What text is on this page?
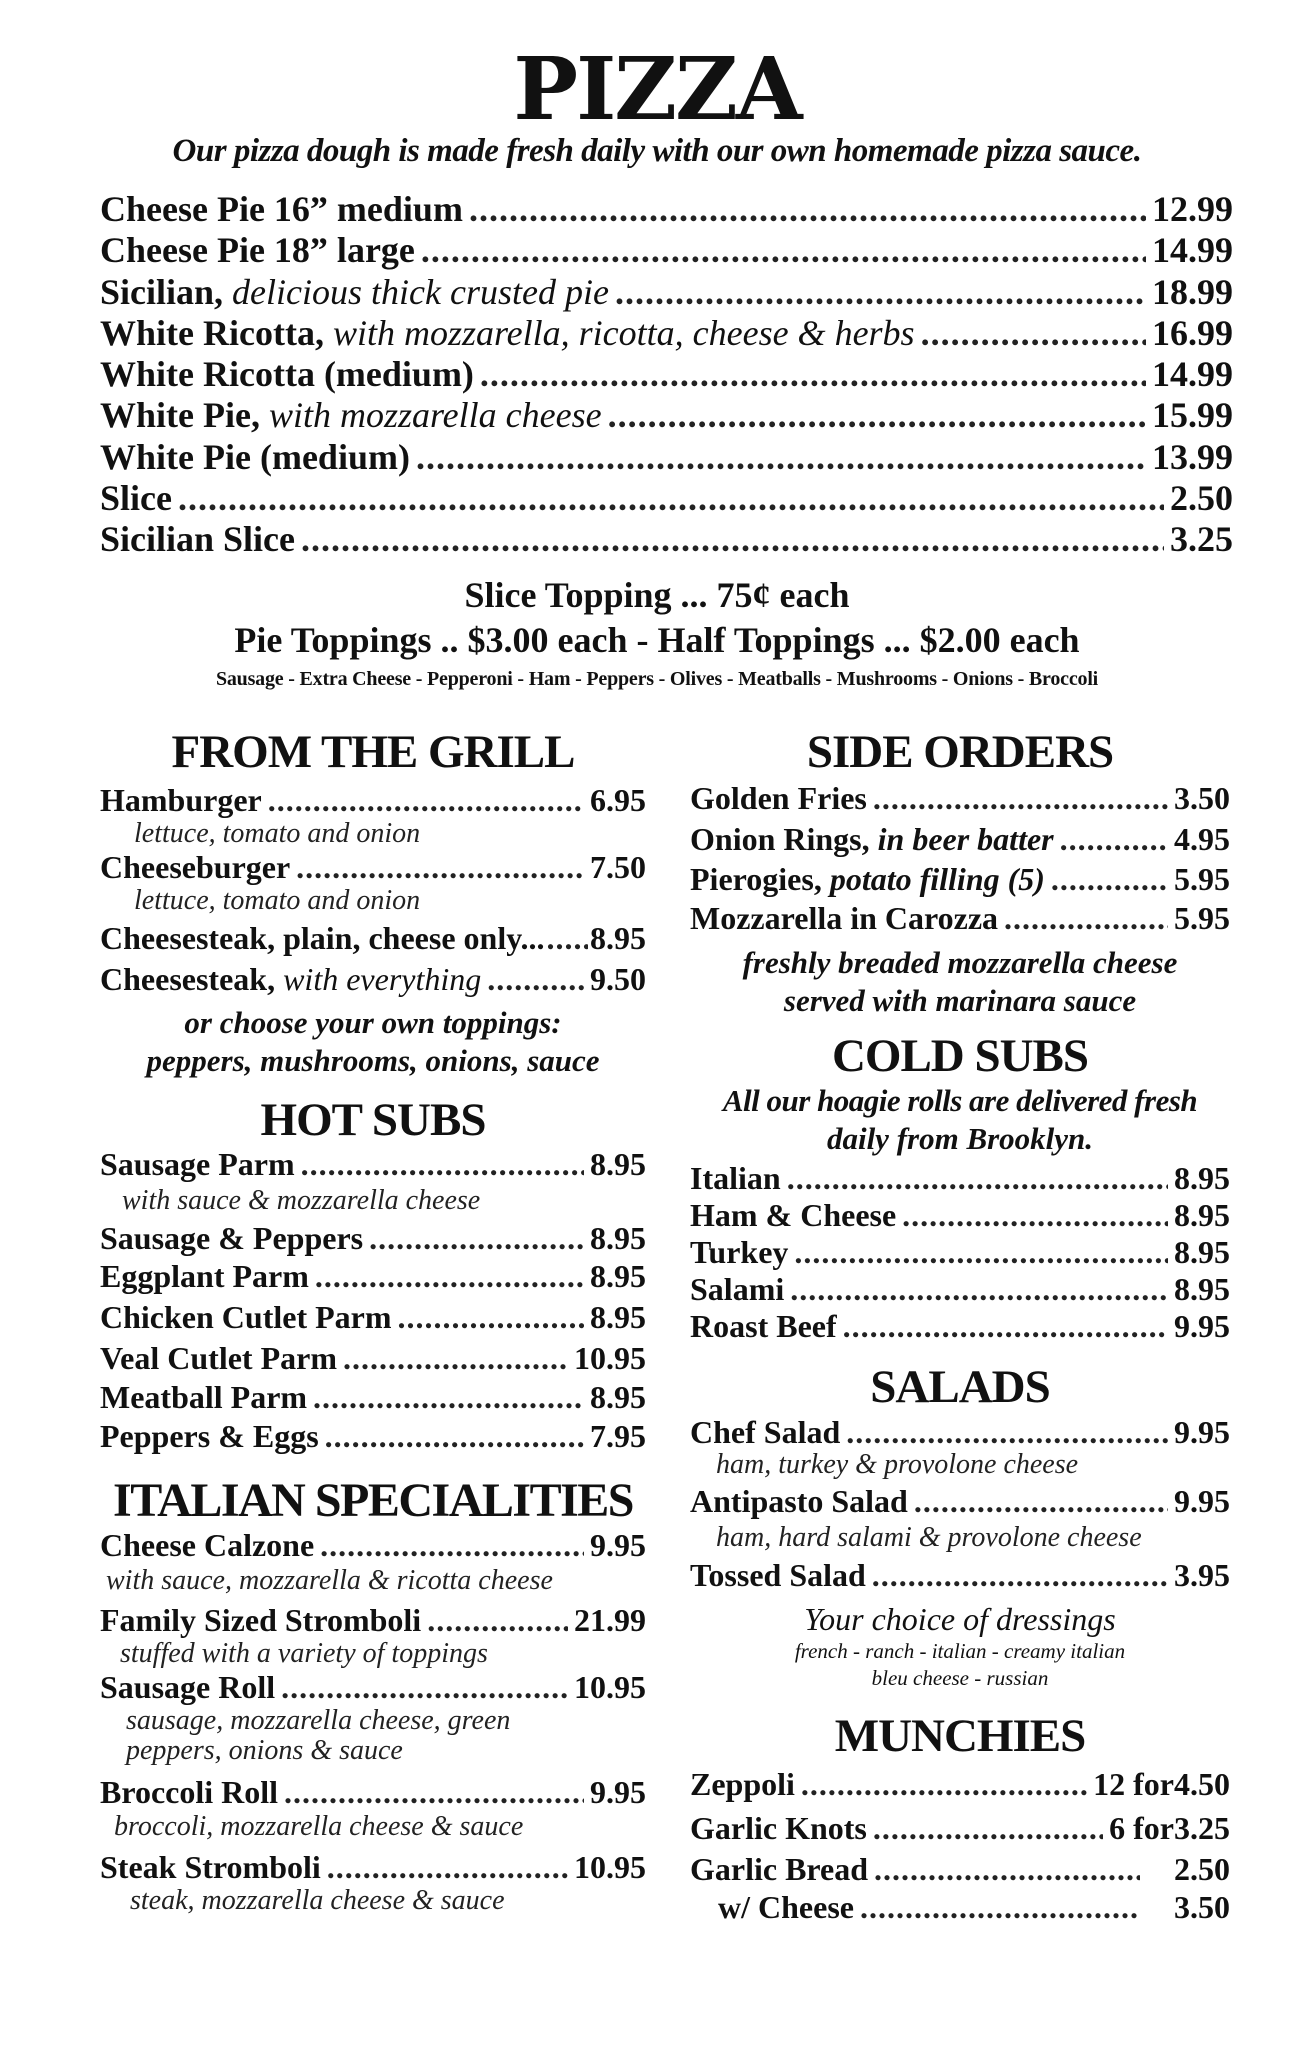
PIZZA
Our pizza dough is made fresh daily with our own homemade pizza sauce.
Cheese Pie 16” medium .....	12.99
Cheese Pie 18” large .....	14.99
Sicilian,
delicious thick crusted pie .....	18.99
White Ricotta,
with mozzarella, ricotta, cheese & herbs .....	16.99
White Ricotta (medium) .....	14.99
White Pie,
with mozzarella cheese .....	15.99
White Pie (medium) .....	13.99
Slice .....	2.50
Sicilian Slice .....	3.25
Slice Topping ... 75¢ each
Pie Toppings .. $3.00 each - Half Toppings ... $2.00 each
Sausage - Extra Cheese - Pepperoni - Ham - Peppers - Olives - Meatballs - Mushrooms - Onions - Broccoli
FROM THE GRILL
Hamburger .....	6.95
lettuce, tomato and onion
Cheeseburger .....	7.50
lettuce, tomato and onion
Cheesesteak, plain, cheese only... ..... 8.95
Cheesesteak,
with everything .....	9.50
or choose your own toppings:
peppers, mushrooms, onions, sauce
HOT SUBS
Sausage Parm .....	8.95
with sauce & mozzarella cheese
Sausage & Peppers .....	8.95
Eggplant Parm .....	8.95
Chicken Cutlet Parm .....	8.95
Veal Cutlet Parm .....	10.95
Meatball Parm .....	8.95
Peppers & Eggs .....	7.95
ITALIAN SPECIALITIES
Cheese Calzone .....	9.95
with sauce, mozzarella & ricotta cheese
Family Sized Stromboli .....	21.99
stuffed with a variety of toppings
Sausage Roll .....	10.95
sausage, mozzarella cheese, green
peppers, onions & sauce
Broccoli Roll .....	9.95
broccoli, mozzarella cheese & sauce
Steak Stromboli .....	10.95
steak, mozzarella cheese & sauce
SIDE ORDERS
Golden Fries .....	3.50
Onion Rings,
in beer batter .....	4.95
Pierogies,
potato filling (5) .....	5.95
Mozzarella in Carozza .....	5.95
freshly breaded mozzarella cheese
served with marinara sauce
COLD SUBS
All our hoagie rolls are delivered fresh
daily from Brooklyn.
Italian .....	8.95
Ham & Cheese .....	8.95
Turkey .....	8.95
Salami .....	8.95
Roast Beef .....	9.95
SALADS
Chef Salad .....	9.95
ham, turkey & provolone cheese
Antipasto Salad .....	9.95
ham, hard salami & provolone cheese
Tossed Salad .....	3.95
Your choice of dressings
french - ranch - italian - creamy italian
bleu cheese - russian
MUNCHIES
Zeppoli .....	12 for 4.50
Garlic Knots .....	6 for 3.25
Garlic Bread .....	2.50
w/ Cheese .....	3.50
